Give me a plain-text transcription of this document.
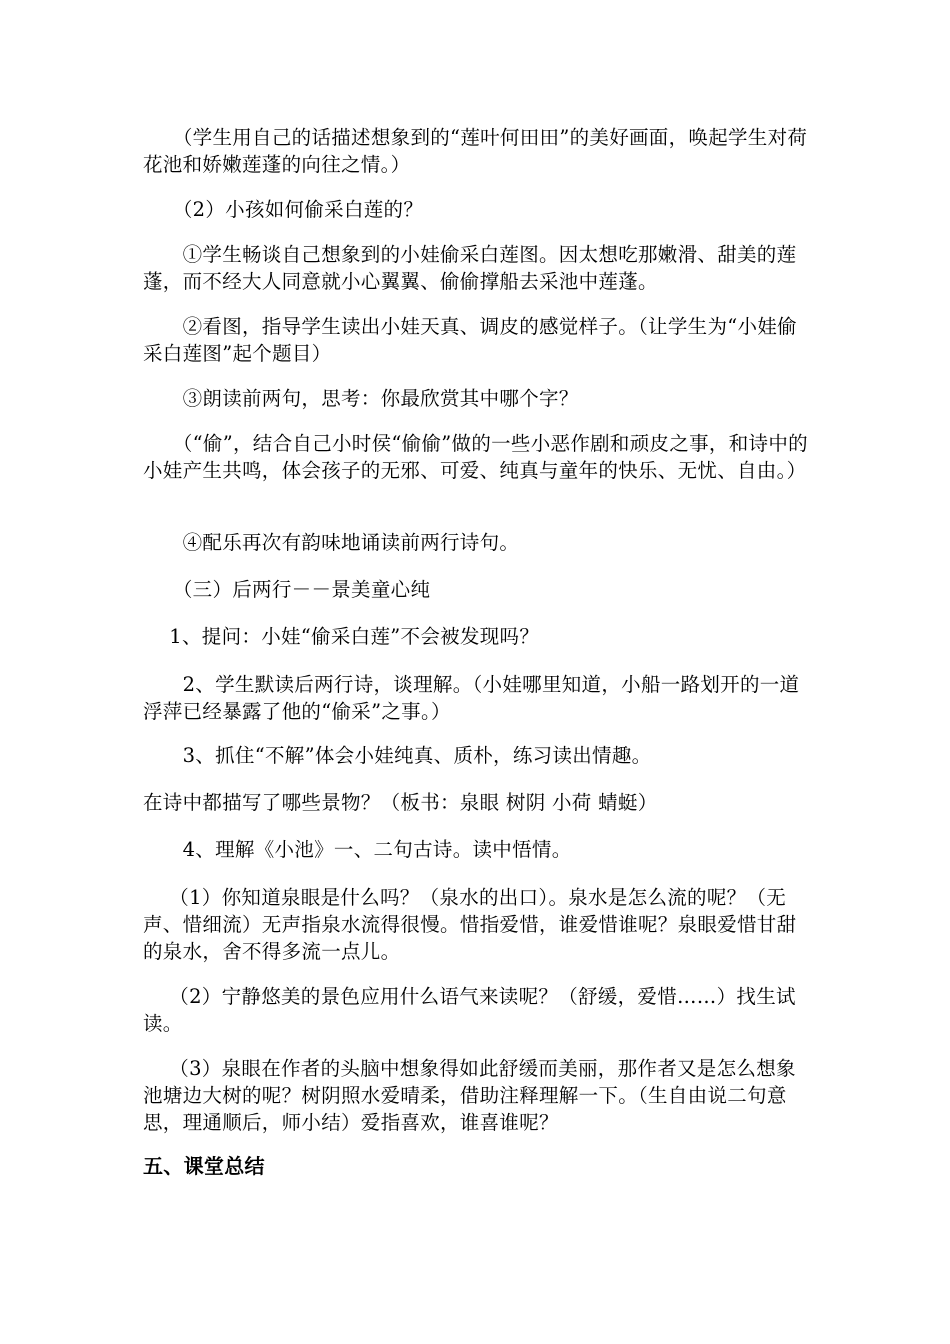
　　（学生用自己的话描述想象到的“莲叶何田田”的美好画面，唤起学生对荷花池和娇嫩莲蓬的向往之情。）
　　（2）小孩如何偷采白莲的？
　　①学生畅谈自己想象到的小娃偷采白莲图。因太想吃那嫩滑、甜美的莲蓬，而不经大人同意就小心翼翼、偷偷撑船去采池中莲蓬。
　　②看图，指导学生读出小娃天真、调皮的感觉样子。（让学生为“小娃偷采白莲图”起个题目）
　　③朗读前两句，思考：你最欣赏其中哪个字？
　　（“偷”，结合自己小时侯“偷偷”做的一些小恶作剧和顽皮之事，和诗中的小娃产生共鸣，体会孩子的无邪、可爱、纯真与童年的快乐、无忧、自由。）
　　④配乐再次有韵味地诵读前两行诗句。
　　（三）后两行－－景美童心纯
　 1、提问：小娃“偷采白莲”不会被发现吗？
　　2、学生默读后两行诗，谈理解。（小娃哪里知道，小船一路划开的一道浮萍已经暴露了他的“偷采”之事。）
　　3、抓住“不解”体会小娃纯真、质朴，练习读出情趣。
在诗中都描写了哪些景物？（板书：泉眼 树阴 小荷 蜻蜓）
　　4、理解《小池》一、二句古诗。读中悟情。
　 （1）你知道泉眼是什么吗？（泉水的出口）。泉水是怎么流的呢？（无声、惜细流）无声指泉水流得很慢。惜指爱惜，谁爱惜谁呢？泉眼爱惜甘甜的泉水，舍不得多流一点儿。
　 （2）宁静悠美的景色应用什么语气来读呢？（舒缓，爱惜……）找生试读。
　 （3）泉眼在作者的头脑中想象得如此舒缓而美丽，那作者又是怎么想象池塘边大树的呢？树阴照水爱晴柔，借助注释理解一下。（生自由说二句意思，理通顺后，师小结）爱指喜欢，谁喜谁呢？
五、课堂总结
